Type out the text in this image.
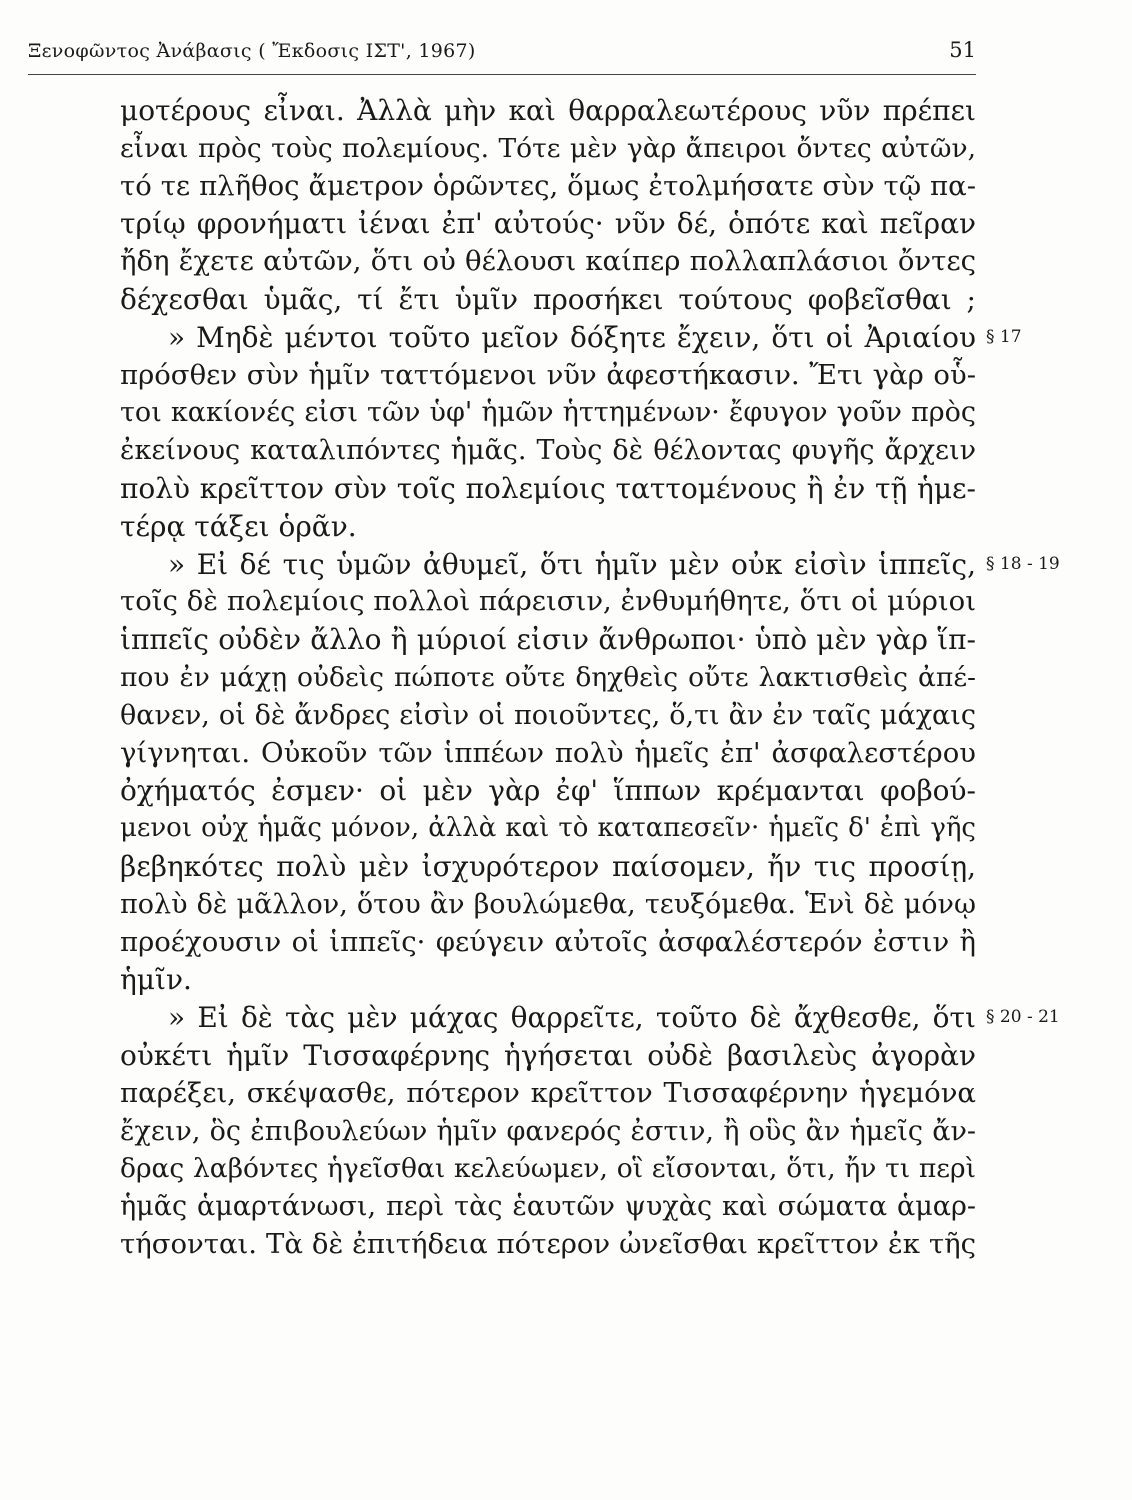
Ξενοφῶντος Ἀνάβασις ( Ἔκδοσις ΙΣΤ', 1967)	51
μοτέρους εἶναι. Ἀλλὰ μὴν καὶ θαρραλεωτέρους νῦν πρέπει
εἶναι πρὸς τοὺς πολεμίους. Τότε μὲν γὰρ ἄπειροι ὄντες αὐτῶν,
τό τε πλῆθος ἄμετρον ὁρῶντες, ὅμως ἐτολμήσατε σὺν τῷ πα-
τρίῳ φρονήματι ἰέναι ἐπ' αὐτούς· νῦν δέ, ὁπότε καὶ πεῖραν
ἤδη ἔχετε αὐτῶν, ὅτι οὐ θέλουσι καίπερ πολλαπλάσιοι ὄντες
δέχεσθαι ὑμᾶς, τί ἔτι ὑμῖν προσήκει τούτους φοβεῖσθαι ;
» Μηδὲ μέντοι τοῦτο μεῖον δόξητε ἔχειν, ὅτι οἱ Ἀριαίου § 17
πρόσθεν σὺν ἡμῖν ταττόμενοι νῦν ἀφεστήκασιν. Ἔτι γὰρ οὗ-
τοι κακίονές εἰσι τῶν ὑφ' ἡμῶν ἡττημένων· ἔφυγον γοῦν πρὸς
ἐκείνους καταλιπόντες ἡμᾶς. Τοὺς δὲ θέλοντας φυγῆς ἄρχειν
πολὺ κρεῖττον σὺν τοῖς πολεμίοις ταττομένους ἢ ἐν τῇ ἡμε-
τέρᾳ τάξει ὁρᾶν.
» Εἰ δέ τις ὑμῶν ἀθυμεῖ, ὅτι ἡμῖν μὲν οὐκ εἰσὶν ἱππεῖς, § 18 - 19
τοῖς δὲ πολεμίοις πολλοὶ πάρεισιν, ἐνθυμήθητε, ὅτι οἱ μύριοι
ἱππεῖς οὐδὲν ἄλλο ἢ μύριοί εἰσιν ἄνθρωποι· ὑπὸ μὲν γὰρ ἵπ-
που ἐν μάχῃ οὐδεὶς πώποτε οὔτε δηχθεὶς οὔτε λακτισθεὶς ἀπέ-
θανεν, οἱ δὲ ἄνδρες εἰσὶν οἱ ποιοῦντες, ὅ,τι ἂν ἐν ταῖς μάχαις
γίγνηται. Οὐκοῦν τῶν ἱππέων πολὺ ἡμεῖς ἐπ' ἀσφαλεστέρου
ὀχήματός ἐσμεν· οἱ μὲν γὰρ ἐφ' ἵππων κρέμανται φοβού-
μενοι οὐχ ἡμᾶς μόνον, ἀλλὰ καὶ τὸ καταπεσεῖν· ἡμεῖς δ' ἐπὶ γῆς
βεβηκότες πολὺ μὲν ἰσχυρότερον παίσομεν, ἤν τις προσίῃ,
πολὺ δὲ μᾶλλον, ὅτου ἂν βουλώμεθα, τευξόμεθα. Ἑνὶ δὲ μόνῳ
προέχουσιν οἱ ἱππεῖς· φεύγειν αὐτοῖς ἀσφαλέστερόν ἐστιν ἢ
ἡμῖν.
» Εἰ δὲ τὰς μὲν μάχας θαρρεῖτε, τοῦτο δὲ ἄχθεσθε, ὅτι § 20 - 21
οὐκέτι ἡμῖν Τισσαφέρνης ἡγήσεται οὐδὲ βασιλεὺς ἀγορὰν
παρέξει, σκέψασθε, πότερον κρεῖττον Τισσαφέρνην ἡγεμόνα
ἔχειν, ὃς ἐπιβουλεύων ἡμῖν φανερός ἐστιν, ἢ οὓς ἂν ἡμεῖς ἄν-
δρας λαβόντες ἡγεῖσθαι κελεύωμεν, οἳ εἴσονται, ὅτι, ἤν τι περὶ
ἡμᾶς ἁμαρτάνωσι, περὶ τὰς ἑαυτῶν ψυχὰς καὶ σώματα ἁμαρ-
τήσονται. Τὰ δὲ ἐπιτήδεια πότερον ὠνεῖσθαι κρεῖττον ἐκ τῆς
